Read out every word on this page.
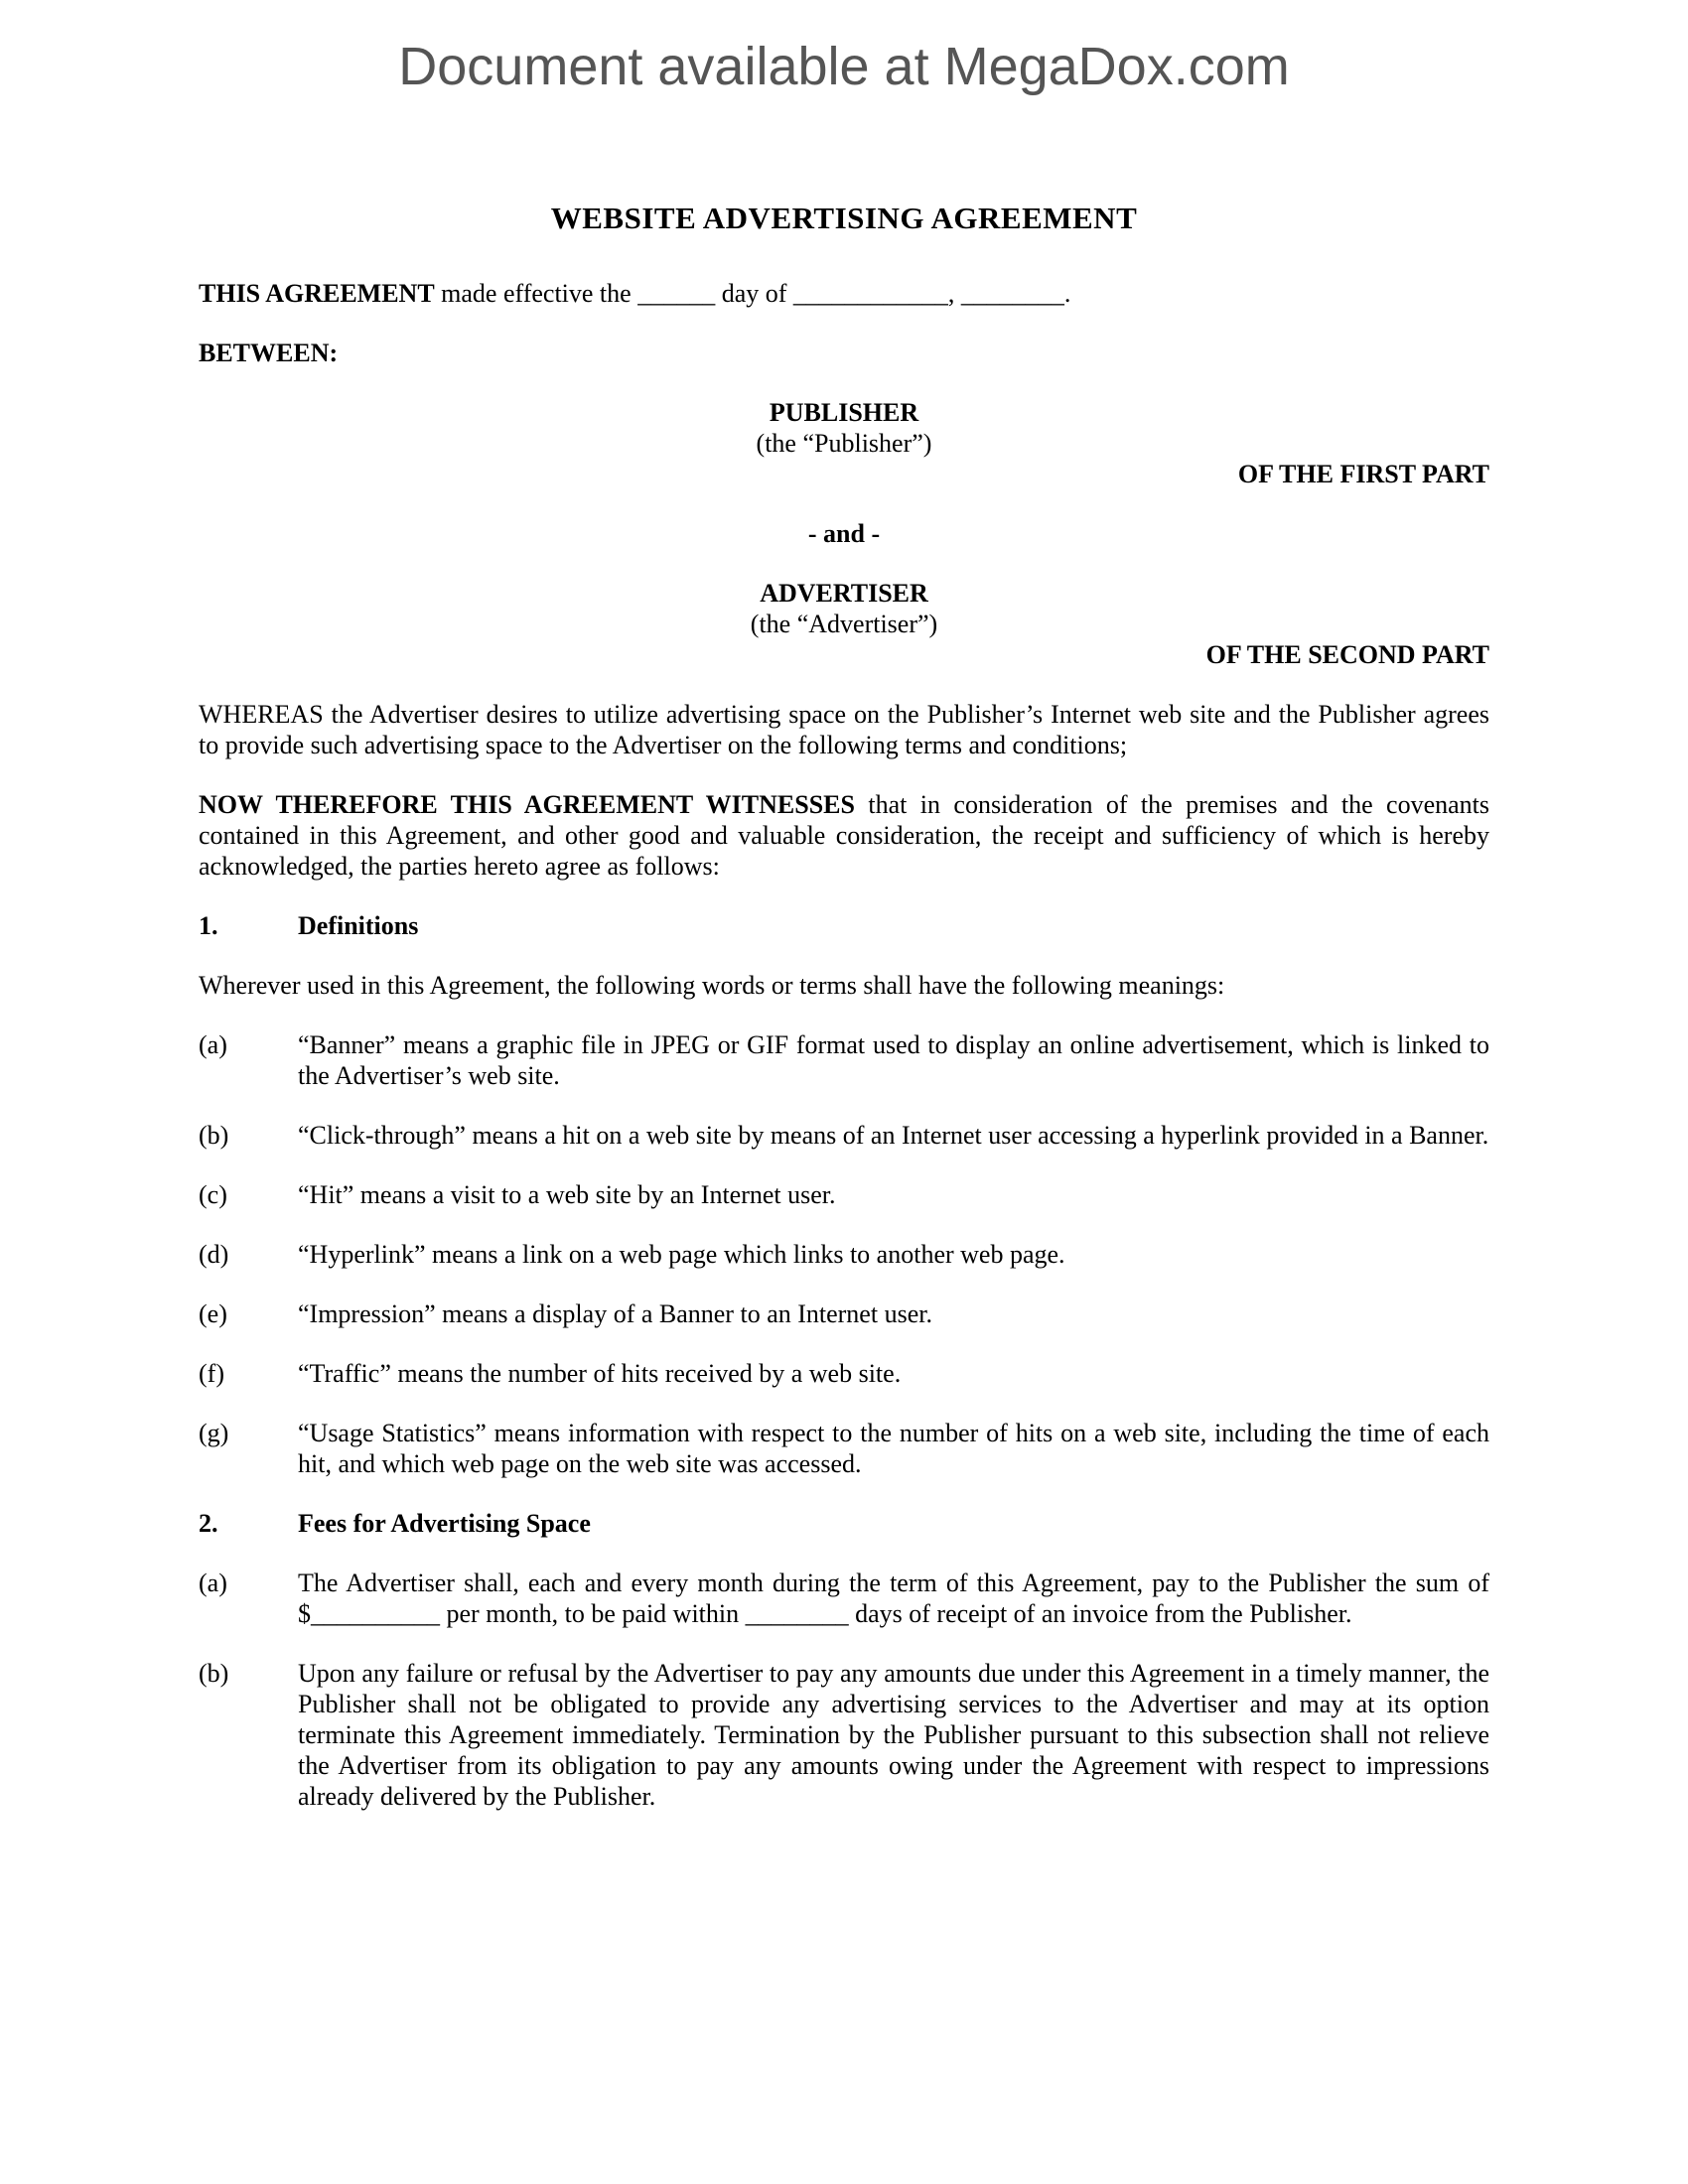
Document available at MegaDox.com
WEBSITE ADVERTISING AGREEMENT

THIS AGREEMENT made effective the ______ day of ____________, ________.

BETWEEN:

PUBLISHER
(the “Publisher”)
OF THE FIRST PART
- and -
ADVERTISER
(the “Advertiser”)
OF THE SECOND PART

WHEREAS the Advertiser desires to utilize advertising space on the Publisher’s Internet web site and the Publisher agrees to provide such advertising space to the Advertiser on the following terms and conditions;

NOW THEREFORE THIS AGREEMENT WITNESSES that in consideration of the premises and the covenants contained in this Agreement, and other good and valuable consideration, the receipt and sufficiency of which is hereby acknowledged, the parties hereto agree as follows:

1.	Definitions

Wherever used in this Agreement, the following words or terms shall have the following meanings:

(a)	“Banner” means a graphic file in JPEG or GIF format used to display an online advertisement, which is linked to the Advertiser’s web site.
(b)	“Click-through” means a hit on a web site by means of an Internet user accessing a hyperlink provided in a Banner.
(c)	“Hit” means a visit to a web site by an Internet user.
(d)	“Hyperlink” means a link on a web page which links to another web page.
(e)	“Impression” means a display of a Banner to an Internet user.
(f)	“Traffic” means the number of hits received by a web site.
(g)	“Usage Statistics” means information with respect to the number of hits on a web site, including the time of each hit, and which web page on the web site was accessed.
2.	Fees for Advertising Space
(a)	The Advertiser shall, each and every month during the term of this Agreement, pay to the Publisher the sum of $__________ per month, to be paid within ________ days of receipt of an invoice from the Publisher.
(b)	Upon any failure or refusal by the Advertiser to pay any amounts due under this Agreement in a timely manner, the Publisher shall not be obligated to provide any advertising services to the Advertiser and may at its option terminate this Agreement immediately. Termination by the Publisher pursuant to this subsection shall not relieve the Advertiser from its obligation to pay any amounts owing under the Agreement with respect to impressions already delivered by the Publisher.
